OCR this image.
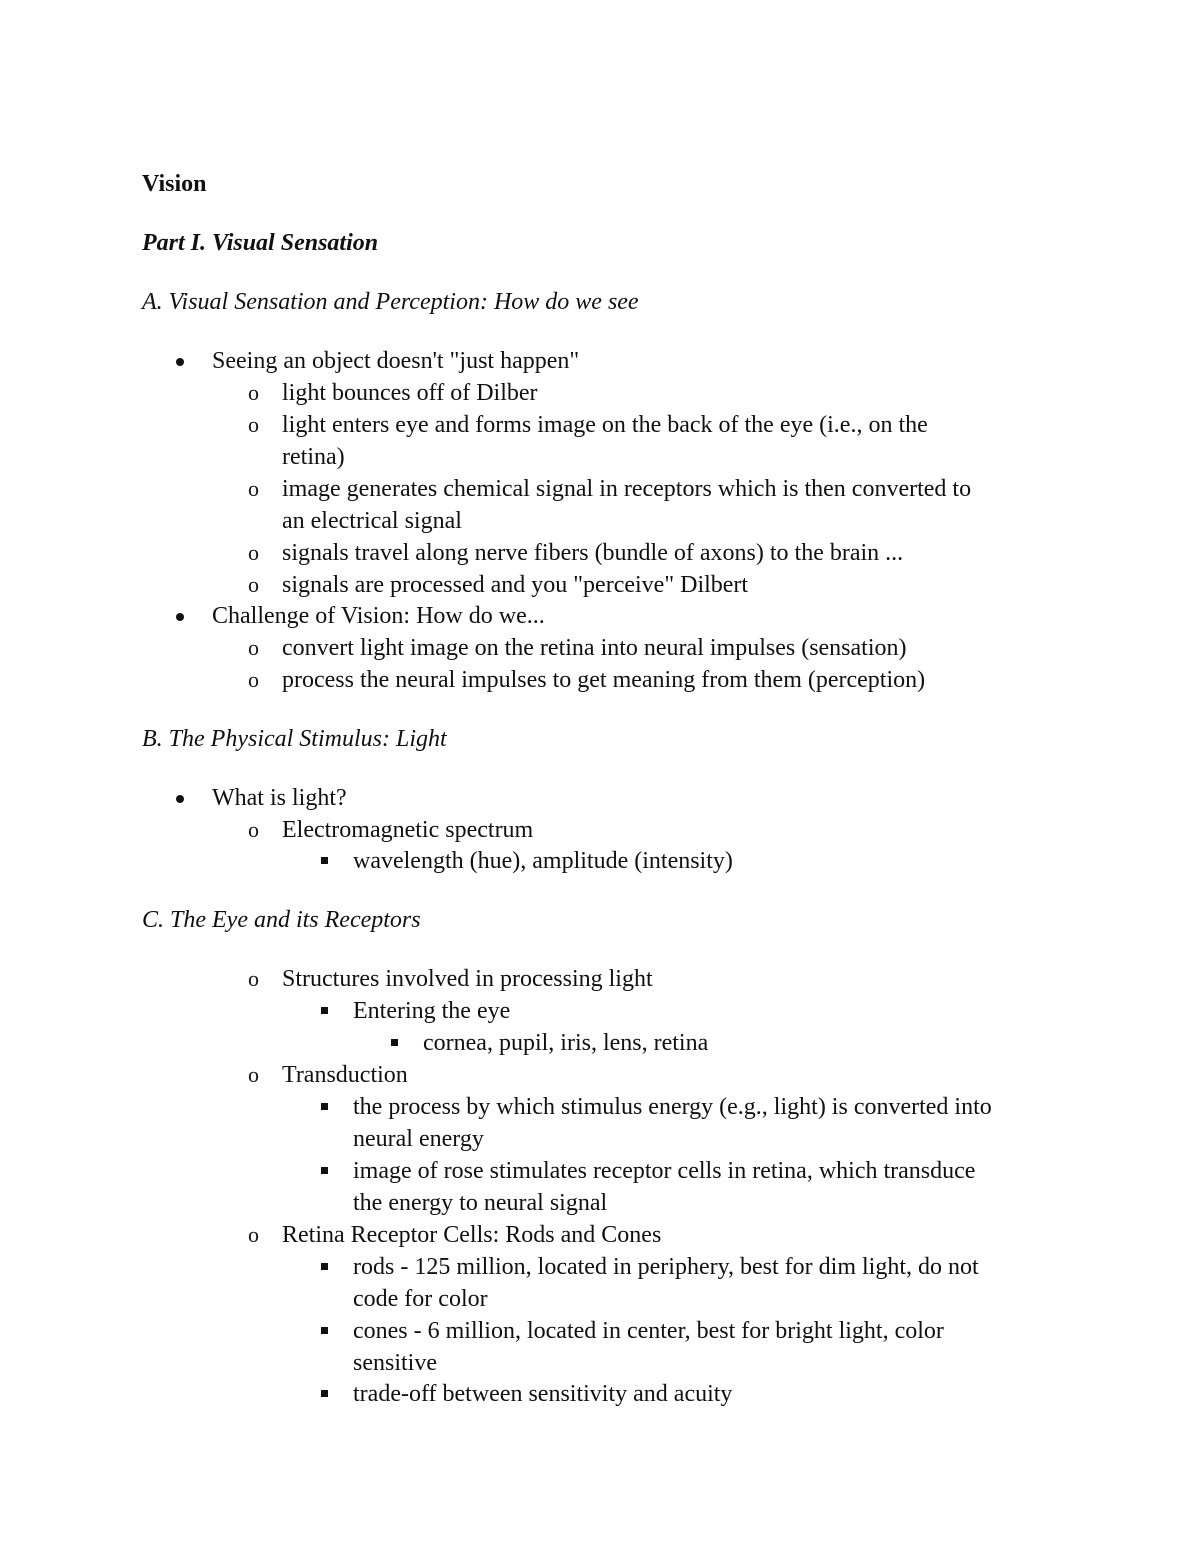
Vision
Part I. Visual Sensation
A. Visual Sensation and Perception: How do we see
Seeing an object doesn't "just happen"
o light bounces off of Dilber
o light enters eye and forms image on the back of the eye (i.e., on the
retina)
o image generates chemical signal in receptors which is then converted to
an electrical signal
o signals travel along nerve fibers (bundle of axons) to the brain ...
o signals are processed and you "perceive" Dilbert
Challenge of Vision: How do we...
o convert light image on the retina into neural impulses (sensation)
o process the neural impulses to get meaning from them (perception)
B. The Physical Stimulus: Light
What is light?
o Electromagnetic spectrum
wavelength (hue), amplitude (intensity)
C. The Eye and its Receptors
o Structures involved in processing light
Entering the eye
cornea, pupil, iris, lens, retina
o Transduction
the process by which stimulus energy (e.g., light) is converted into
neural energy
image of rose stimulates receptor cells in retina, which transduce
the energy to neural signal
o Retina Receptor Cells: Rods and Cones
rods - 125 million, located in periphery, best for dim light, do not
code for color
cones - 6 million, located in center, best for bright light, color
sensitive
trade-off between sensitivity and acuity
